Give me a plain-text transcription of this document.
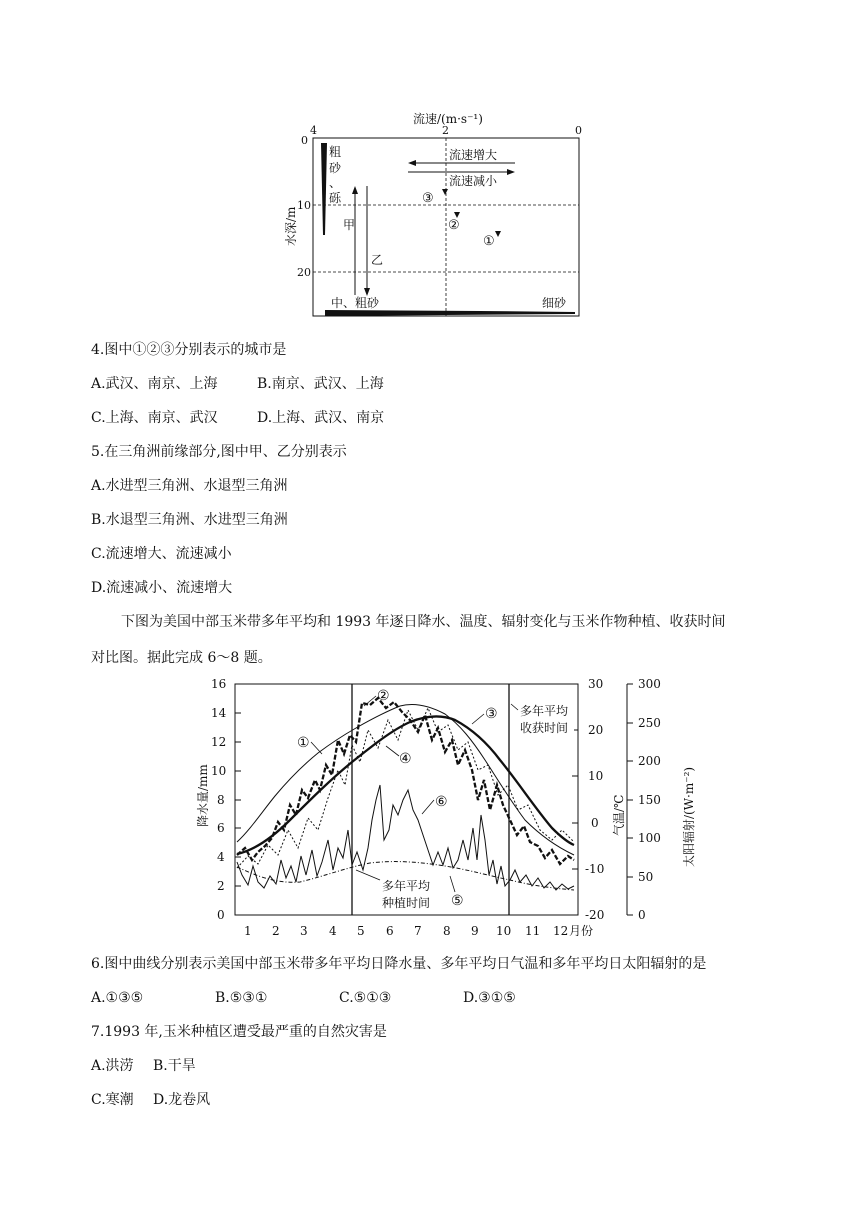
流速/(m·s⁻¹)
4	2	0
水深/m
0
10
20
粗
砂
、
砾
甲
乙
流速增大
流速减小
③
②
①
中、粗砂	细砂
4.图中①②③分别表示的城市是
A.武汉、南京、上海	B.南京、武汉、上海
C.上海、南京、武汉	D.上海、武汉、南京
5.在三角洲前缘部分,图中甲、乙分别表示
A.水进型三角洲、水退型三角洲
B.水退型三角洲、水进型三角洲
C.流速增大、流速减小
D.流速减小、流速增大
下图为美国中部玉米带多年平均和 1993 年逐日降水、温度、辐射变化与玉米作物种植、收获时间
对比图。据此完成 6～8 题。
降水量/mm	气温/℃	太阳辐射/(W·m⁻²)
0
2
4
6
8
10
12
14
16
-20
-10
0
10
20
30
0
50
100
150
200
250
300
1 2 3 4 5 6 7 8 9 10 11 12 月份
①
②
③
④
⑤
⑥
多年平均
种植时间
多年平均
收获时间
6.图中曲线分别表示美国中部玉米带多年平均日降水量、多年平均日气温和多年平均日太阳辐射的是
A.①③⑤	B.⑤③①	C.⑤①③	D.③①⑤
7.1993 年,玉米种植区遭受最严重的自然灾害是
A.洪涝 B.干旱
C.寒潮 D.龙卷风
